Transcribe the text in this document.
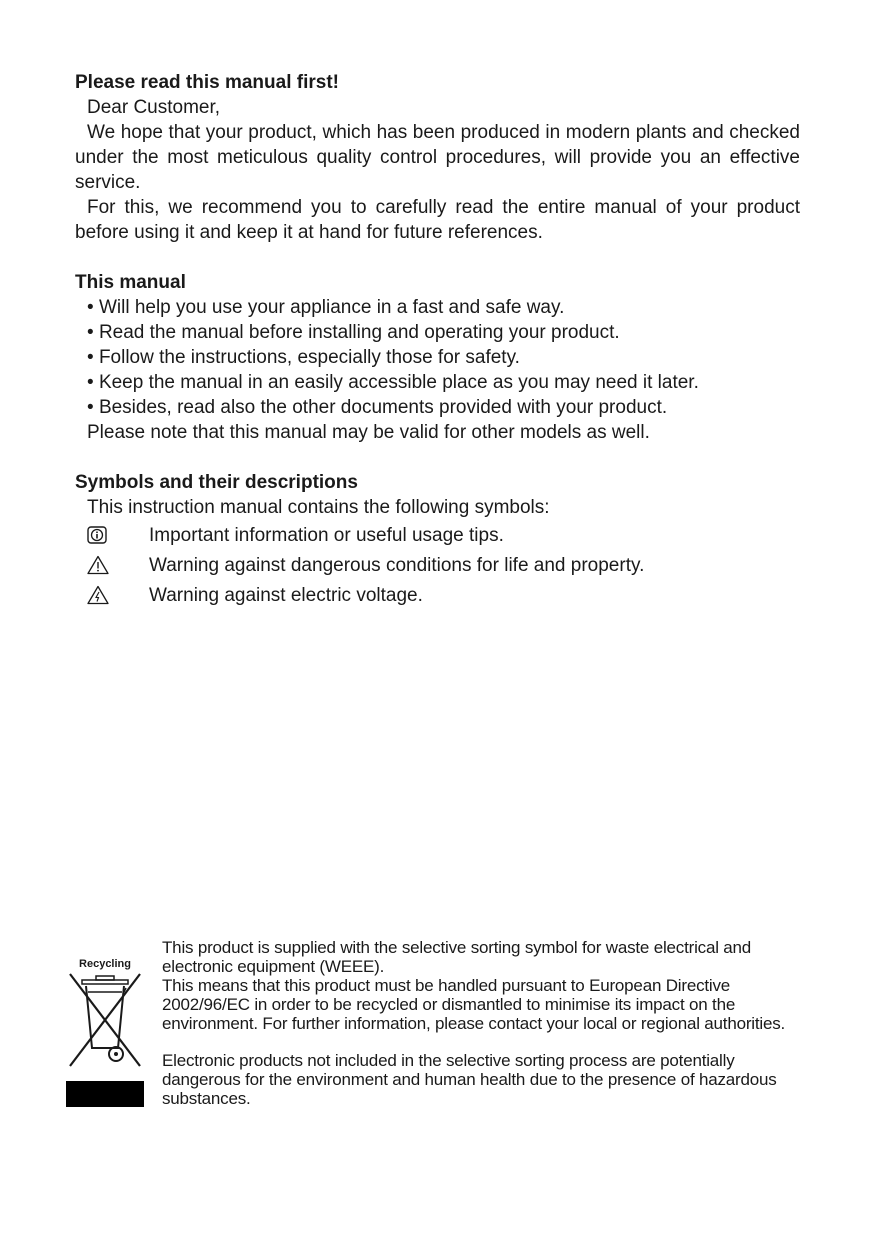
Please read this manual first!

Dear Customer,

We hope that your product, which has been produced in modern plants and checked under the most meticulous quality control procedures, will provide you an effective service.

For this, we recommend you to carefully read the entire manual of your product before using it and keep it at hand for future references.

This manual
• Will help you use your appliance in a fast and safe way.
• Read the manual before installing and operating your product.
• Follow the instructions, especially those for safety.
• Keep the manual in an easily accessible place as you may need it later.
• Besides, read also the other documents provided with your product.

Please note that this manual may be valid for other models as well.

Symbols and their descriptions

This instruction manual contains the following symbols:

Important information or useful usage tips.
Warning against dangerous conditions for life and property.
Warning against electric voltage.
Recycling

This product is supplied with the selective sorting symbol for waste electrical and electronic equipment (WEEE).

This means that this product must be handled pursuant to European Directive 2002/96/EC in order to be recycled or dismantled to minimise its impact on the environment. For further information, please contact your local or regional authorities.

Electronic products not included in the selective sorting process are potentially dangerous for the environment and human health due to the presence of hazardous substances.
